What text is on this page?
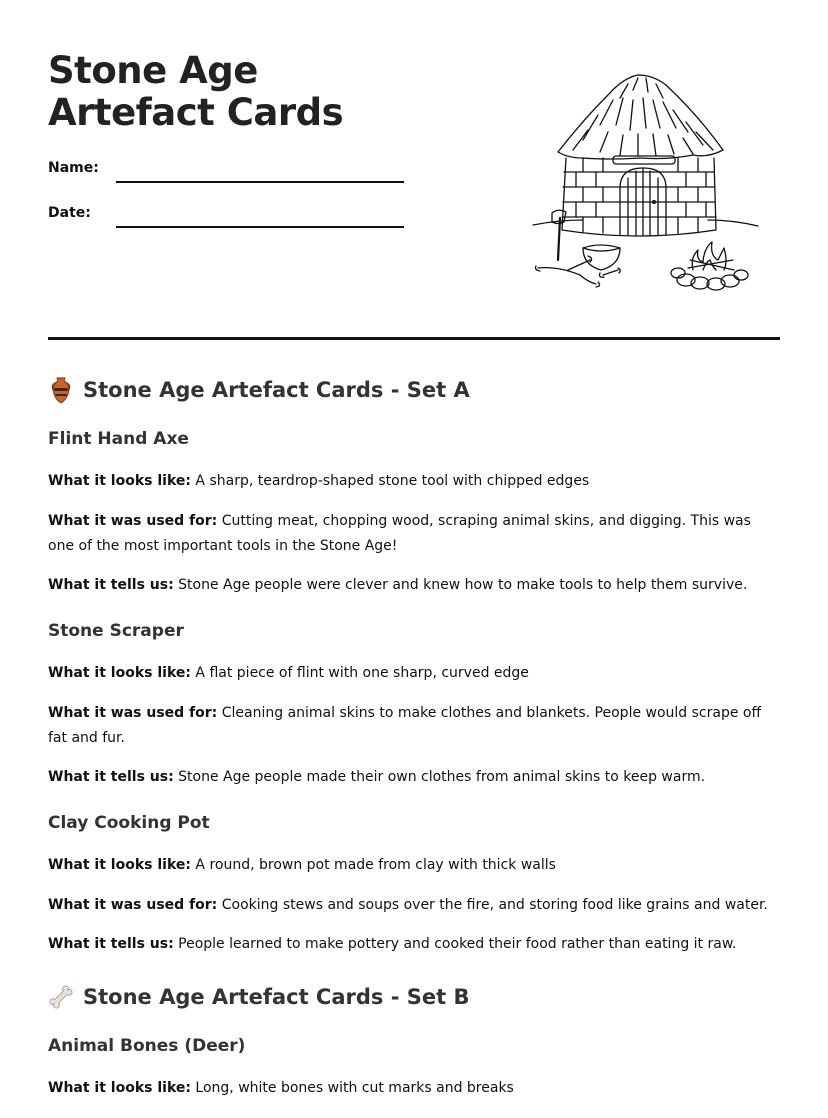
Stone Age Artefact Cards
Name:
Date:
Stone Age Artefact Cards - Set A
Flint Hand Axe

What it looks like: A sharp, teardrop-shaped stone tool with chipped edges

What it was used for: Cutting meat, chopping wood, scraping animal skins, and digging. This was one of the most important tools in the Stone Age!

What it tells us: Stone Age people were clever and knew how to make tools to help them survive.

Stone Scraper

What it looks like: A flat piece of flint with one sharp, curved edge

What it was used for: Cleaning animal skins to make clothes and blankets. People would scrape off fat and fur.

What it tells us: Stone Age people made their own clothes from animal skins to keep warm.

Clay Cooking Pot

What it looks like: A round, brown pot made from clay with thick walls

What it was used for: Cooking stews and soups over the fire, and storing food like grains and water.

What it tells us: People learned to make pottery and cooked their food rather than eating it raw.

Stone Age Artefact Cards - Set B
Animal Bones (Deer)

What it looks like: Long, white bones with cut marks and breaks
